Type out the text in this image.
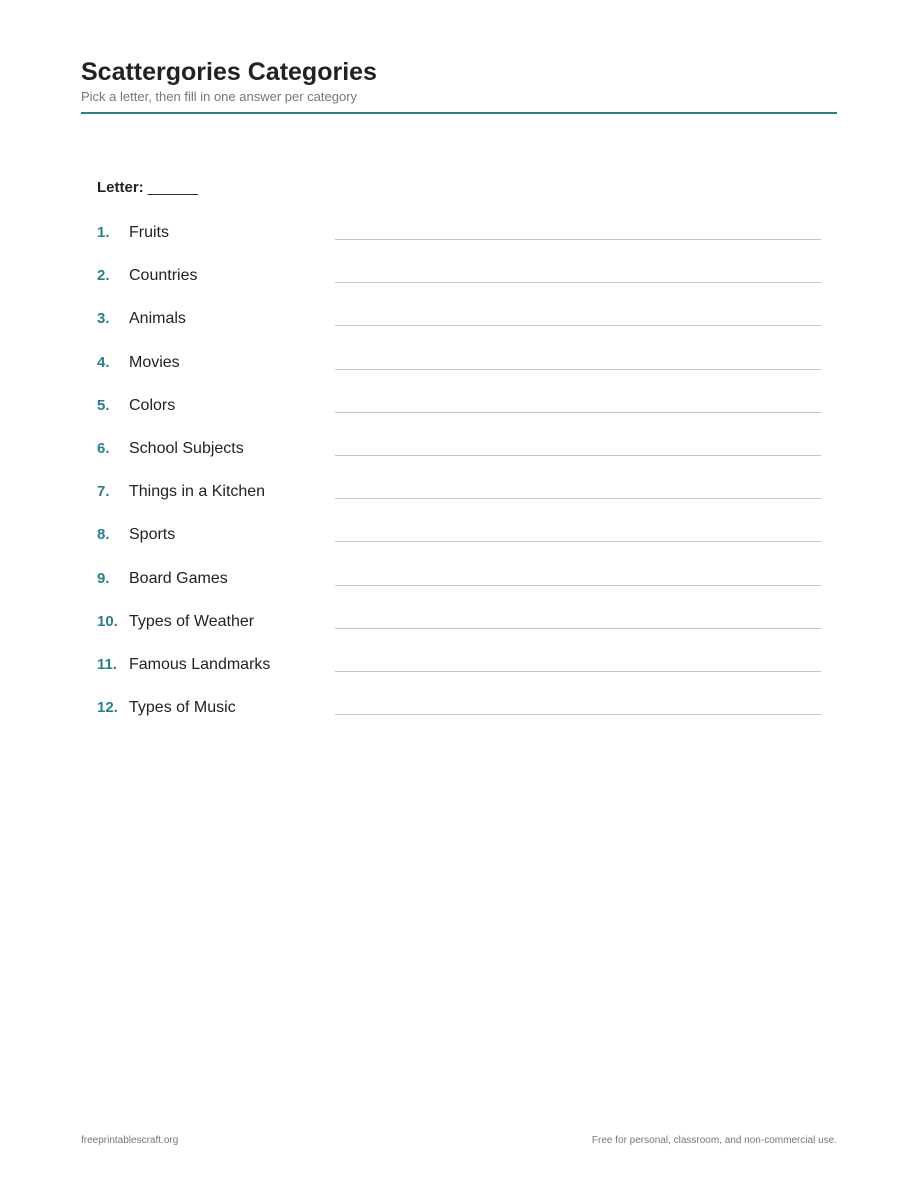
Scattergories Categories
Pick a letter, then fill in one answer per category
Letter: ______
1. Fruits
2. Countries
3. Animals
4. Movies
5. Colors
6. School Subjects
7. Things in a Kitchen
8. Sports
9. Board Games
10. Types of Weather
11. Famous Landmarks
12. Types of Music
freeprintablescraft.org	Free for personal, classroom, and non-commercial use.
